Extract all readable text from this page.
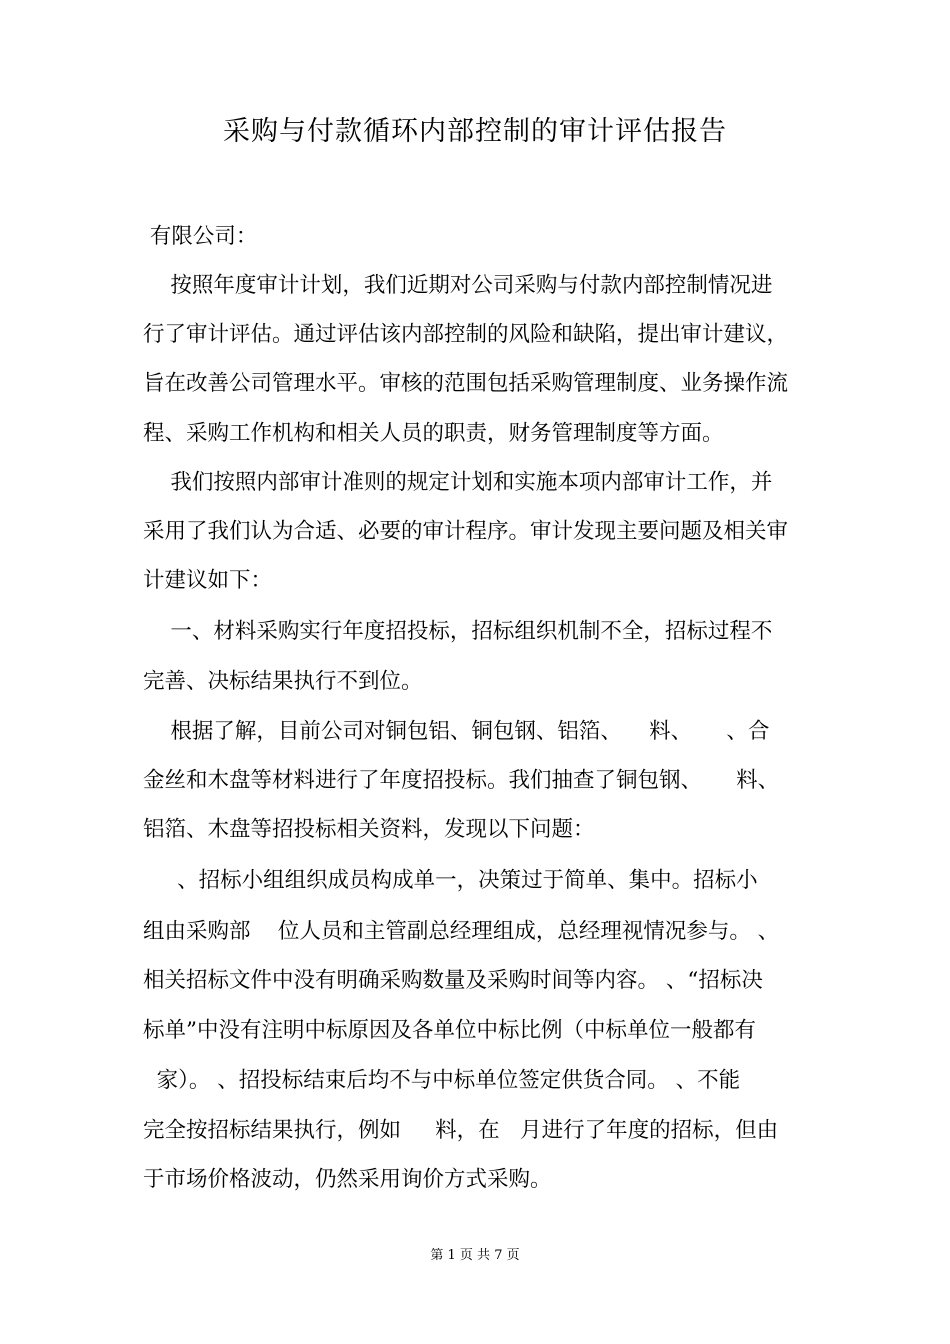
采购与付款循环内部控制的审计评估报告
有限公司：
按照年度审计计划，我们近期对公司采购与付款内部控制情况进
行了审计评估。通过评估该内部控制的风险和缺陷，提出审计建议，
旨在改善公司管理水平。审核的范围包括采购管理制度、业务操作流
程、采购工作机构和相关人员的职责，财务管理制度等方面。
我们按照内部审计准则的规定计划和实施本项内部审计工作，并
采用了我们认为合适、必要的审计程序。审计发现主要问题及相关审
计建议如下：
一、材料采购实行年度招投标，招标组织机制不全，招标过程不
完善、决标结果执行不到位。
根据了解，目前公司对铜包铝、铜包钢、铝箔、    料、     、合
金丝和木盘等材料进行了年度招投标。我们抽查了铜包钢、     料、
铝箔、木盘等招投标相关资料，发现以下问题：
、招标小组组织成员构成单一，决策过于简单、集中。招标小
组由采购部    位人员和主管副总经理组成，总经理视情况参与。 、
相关招标文件中没有明确采购数量及采购时间等内容。 、“招标决
标单”中没有注明中标原因及各单位中标比例（中标单位一般都有
家）。 、招投标结束后均不与中标单位签定供货合同。 、不能
完全按招标结果执行，例如     料，在   月进行了年度的招标，但由
于市场价格波动，仍然采用询价方式采购。
第 1 页 共 7 页
